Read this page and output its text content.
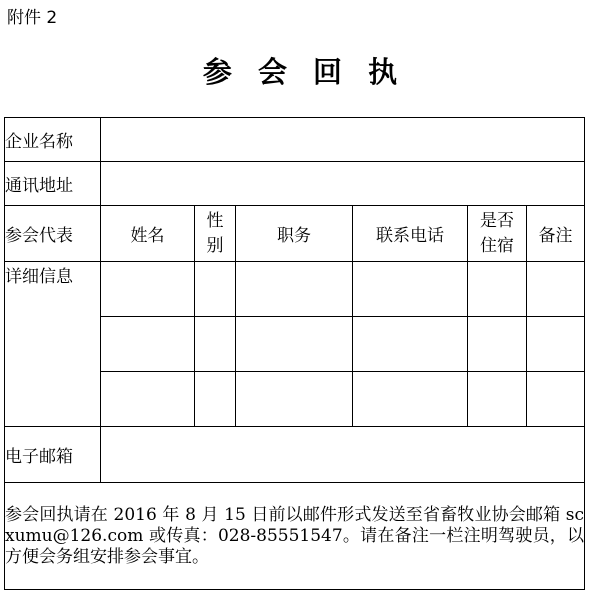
附件 2
参会回执
企业名称						
通讯地址						
参会代表	姓名	性别	职务	联系电话	是否住宿	备注
详细信息						

电子邮箱						
参会回执请在 2016 年 8 月 15 日前以邮件形式发送至省畜牧业协会邮箱 scxumu@126.com 或传真：028-85551547。请在备注一栏注明驾驶员，以方便会务组安排参会事宜。						
